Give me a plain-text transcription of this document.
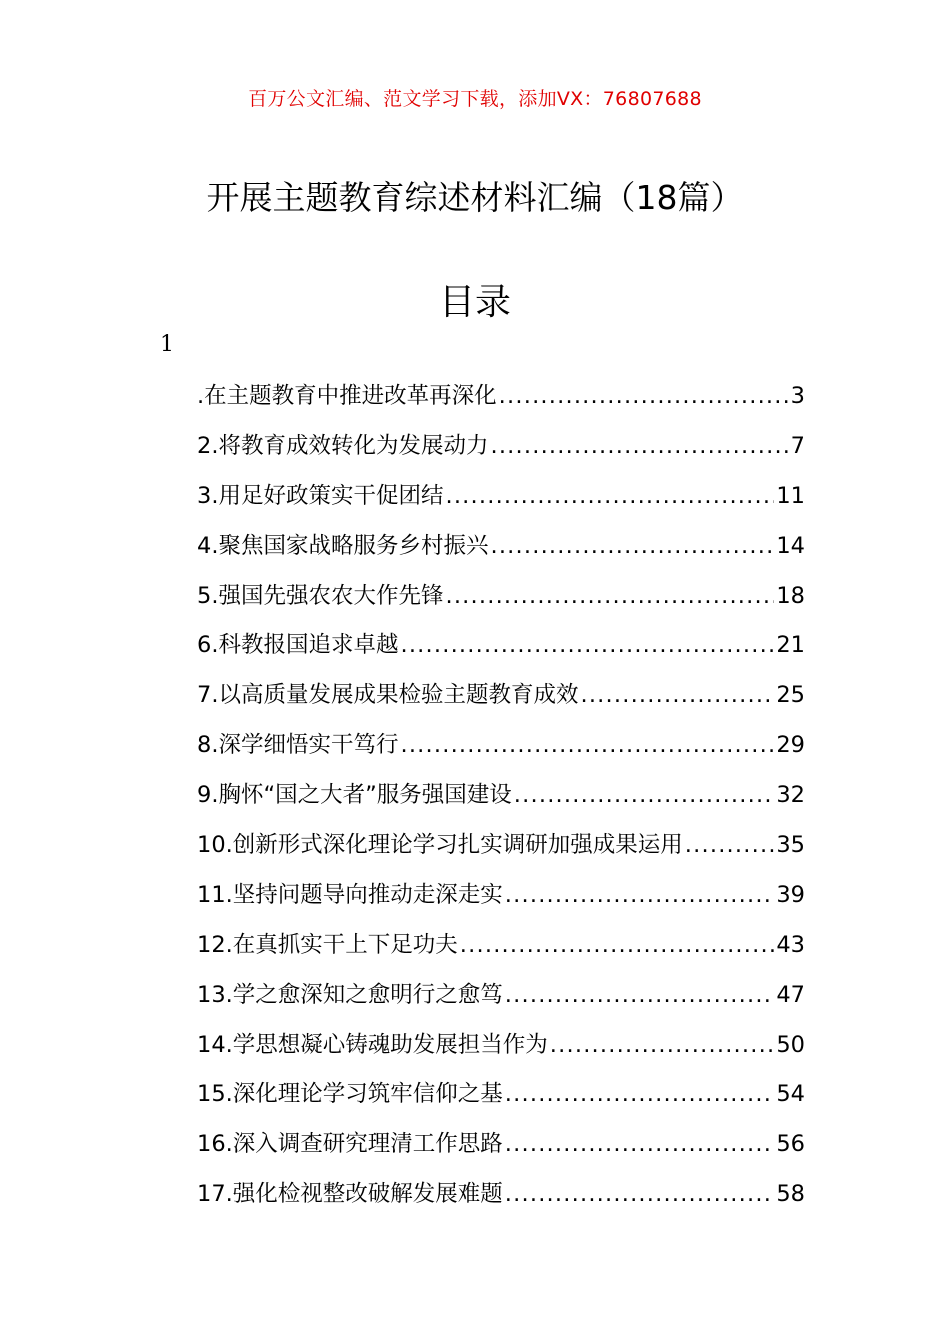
百万公文汇编、范文学习下载，添加VX：76807688
开展主题教育综述材料汇编（18篇）
目录
1
.在主题教育中推进改革再深化 .....	3
2.将教育成效转化为发展动力 .....	7
3.用足好政策实干促团结 .....	11
4.聚焦国家战略服务乡村振兴 .....	14
5.强国先强农农大作先锋 .....	18
6.科教报国追求卓越 .....	21
7.以高质量发展成果检验主题教育成效 .....	25
8.深学细悟实干笃行 .....	29
9.胸怀“国之大者”服务强国建设 .....	32
10.创新形式深化理论学习扎实调研加强成果运用 .....	35
11.坚持问题导向推动走深走实 .....	39
12.在真抓实干上下足功夫 .....	43
13.学之愈深知之愈明行之愈笃 .....	47
14.学思想凝心铸魂助发展担当作为 .....	50
15.深化理论学习筑牢信仰之基 .....	54
16.深入调查研究理清工作思路 .....	56
17.强化检视整改破解发展难题 .....	58
